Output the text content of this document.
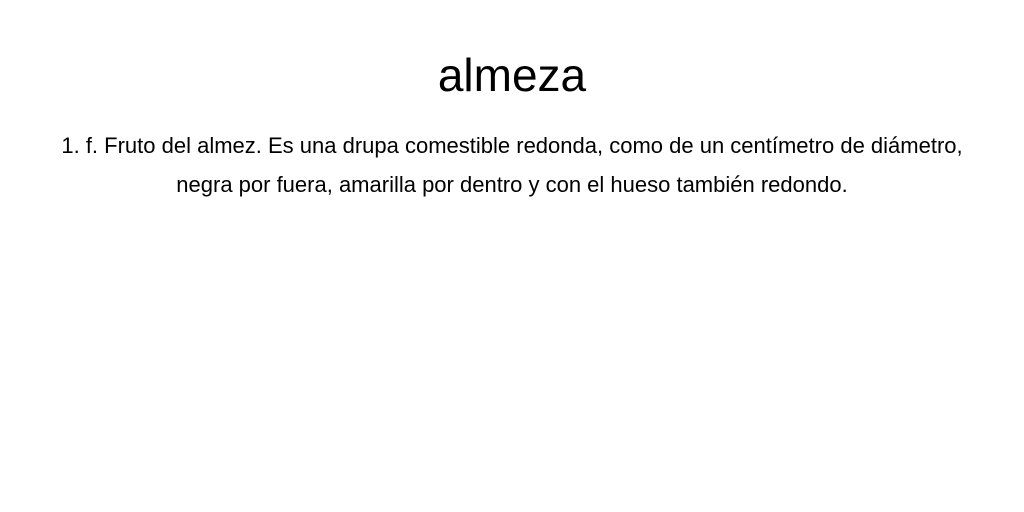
almeza

1. f. Fruto del almez. Es una drupa comestible redonda, como de un centímetro de diámetro, negra por fuera, amarilla por dentro y con el hueso también redondo.
